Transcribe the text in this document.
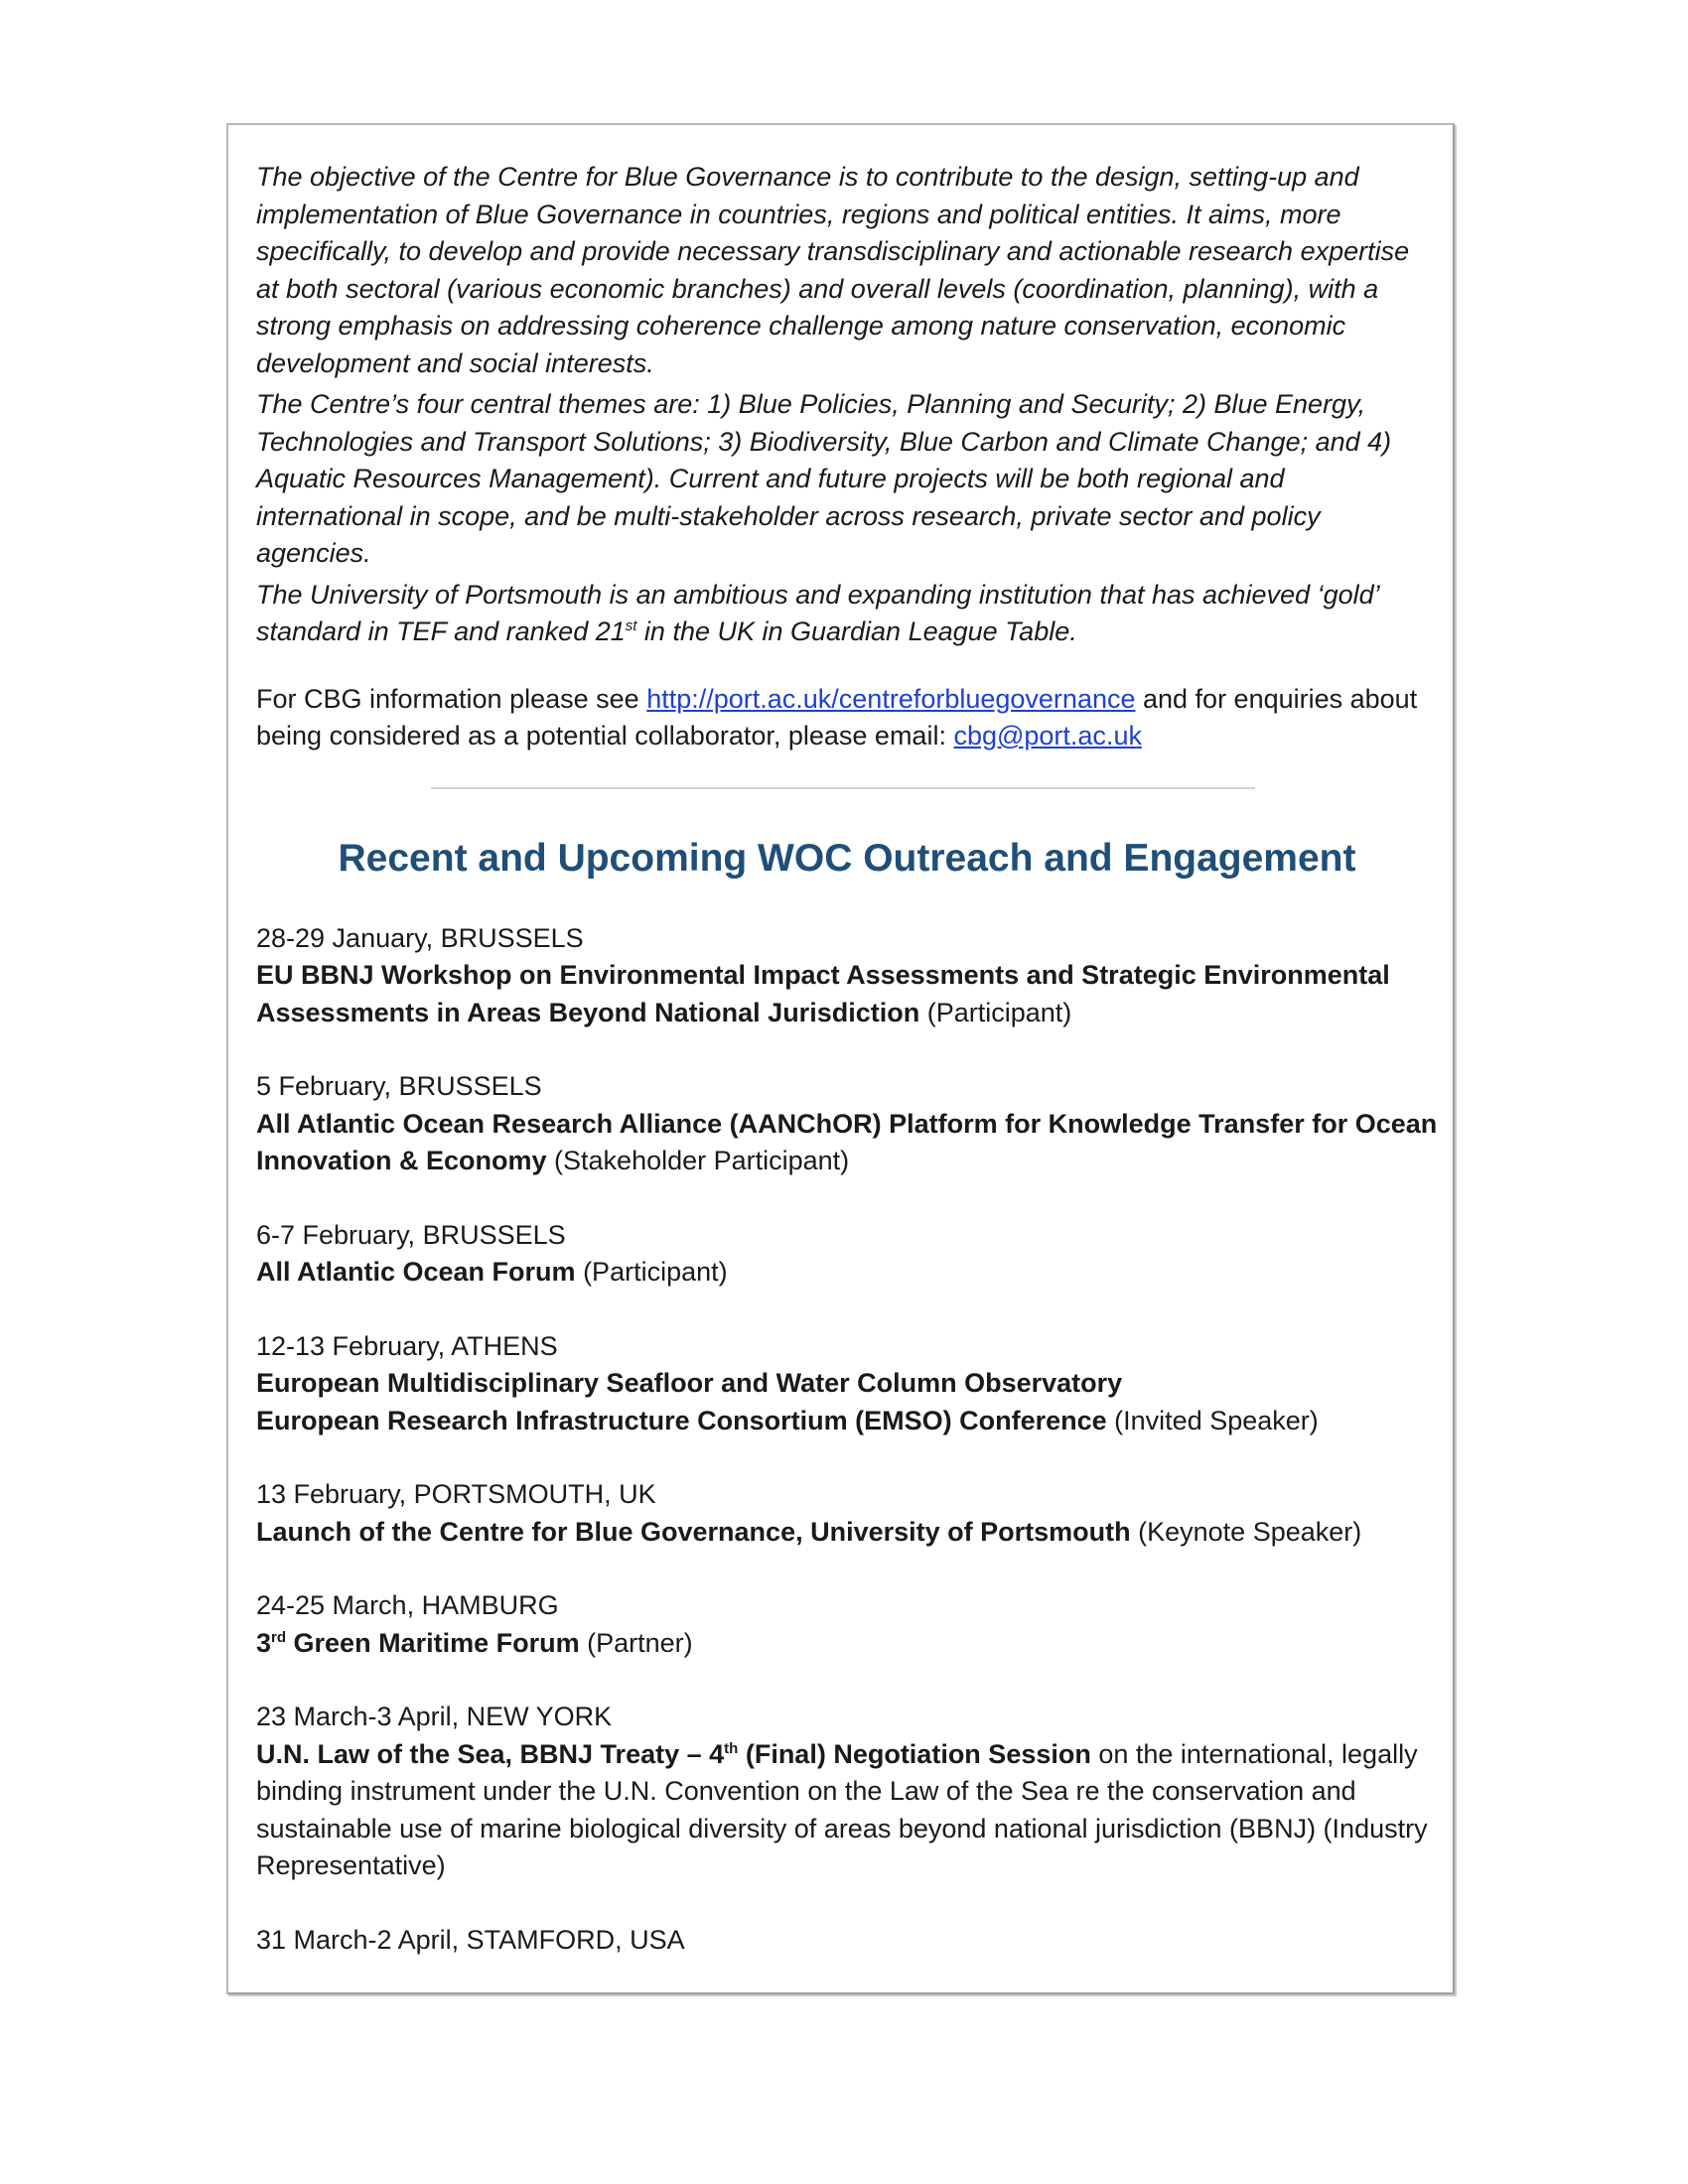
The objective of the Centre for Blue Governance is to contribute to the design, setting-up and implementation of Blue Governance in countries, regions and political entities. It aims, more specifically, to develop and provide necessary transdisciplinary and actionable research expertise at both sectoral (various economic branches) and overall levels (coordination, planning), with a strong emphasis on addressing coherence challenge among nature conservation, economic development and social interests.

The Centre’s four central themes are: 1) Blue Policies, Planning and Security; 2) Blue Energy, Technologies and Transport Solutions; 3) Biodiversity, Blue Carbon and Climate Change; and 4) Aquatic Resources Management). Current and future projects will be both regional and international in scope, and be multi-stakeholder across research, private sector and policy agencies.

The University of Portsmouth is an ambitious and expanding institution that has achieved ‘gold’ standard in TEF and ranked 21st in the UK in Guardian League Table.

For CBG information please see http://port.ac.uk/centreforbluegovernance and for enquiries about being considered as a potential collaborator, please email: cbg@port.ac.uk

Recent and Upcoming WOC Outreach and Engagement
28-29 January, BRUSSELS
EU BBNJ Workshop on Environmental Impact Assessments and Strategic Environmental Assessments in Areas Beyond National Jurisdiction (Participant)
5 February, BRUSSELS
All Atlantic Ocean Research Alliance (AANChOR) Platform for Knowledge Transfer for Ocean Innovation & Economy (Stakeholder Participant)
6-7 February, BRUSSELS
All Atlantic Ocean Forum (Participant)
12-13 February, ATHENS
European Multidisciplinary Seafloor and Water Column Observatory
European Research Infrastructure Consortium (EMSO) Conference (Invited Speaker)
13 February, PORTSMOUTH, UK
Launch of the Centre for Blue Governance, University of Portsmouth (Keynote Speaker)
24-25 March, HAMBURG
3rd Green Maritime Forum (Partner)
23 March-3 April, NEW YORK
U.N. Law of the Sea, BBNJ Treaty – 4th (Final) Negotiation Session on the international, legally binding instrument under the U.N. Convention on the Law of the Sea re the conservation and sustainable use of marine biological diversity of areas beyond national jurisdiction (BBNJ) (Industry Representative)
31 March-2 April, STAMFORD, USA
